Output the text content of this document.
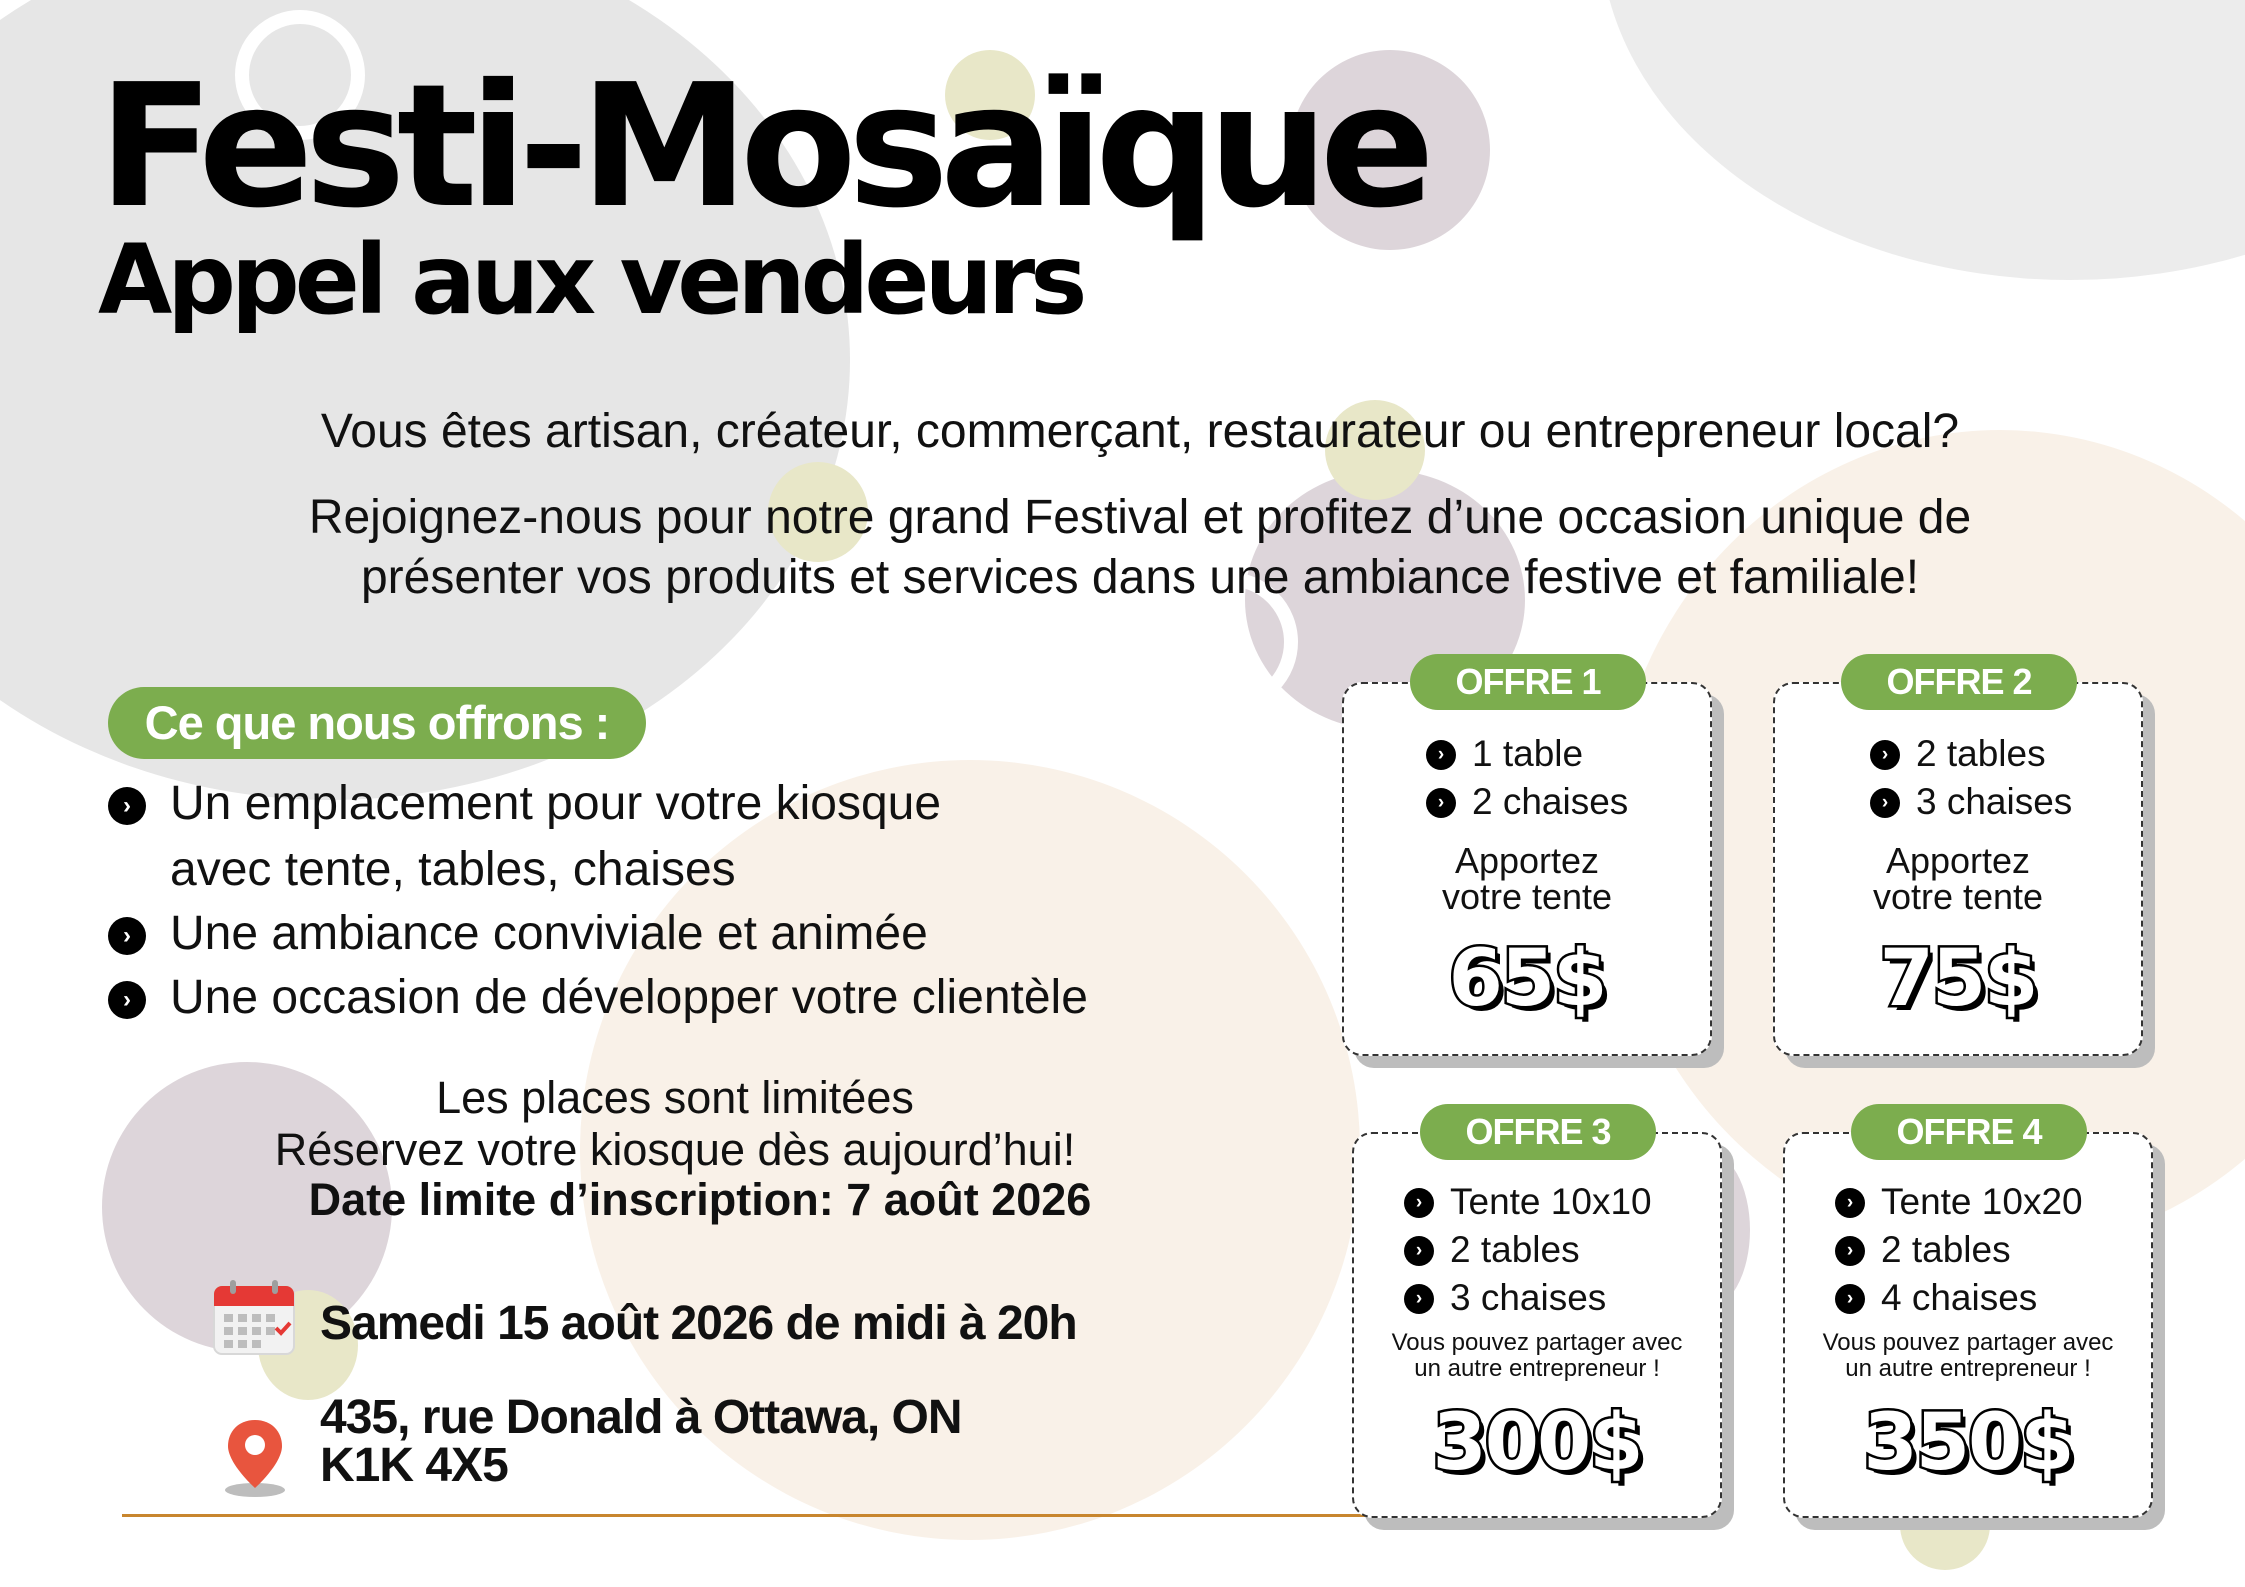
Festi-Mosaïque
Appel aux vendeurs
Vous êtes artisan, créateur, commerçant, restaurateur ou entrepreneur local?
Rejoignez-nous pour notre grand Festival et profitez d’une occasion unique de
présenter vos produits et services dans une ambiance festive et familiale!
Ce que nous offrons :
› Un emplacement pour votre kiosque
avec tente, tables, chaises
› Une ambiance conviviale et animée
› Une occasion de développer votre clientèle
Les places sont limitées
Réservez votre kiosque dès aujourd’hui!
Date limite d’inscription: 7 août 2026
Samedi 15 août 2026 de midi à 20h
435, rue Donald à Ottawa, ON
K1K 4X5
OFFRE 1
› 1 table
› 2 chaises
Apportez
votre tente
65$
OFFRE 2
› 2 tables
› 3 chaises
Apportez
votre tente
75$
OFFRE 3
› Tente 10x10
› 2 tables
› 3 chaises
Vous pouvez partager avec
un autre entrepreneur !
300$
OFFRE 4
› Tente 10x20
› 2 tables
› 4 chaises
Vous pouvez partager avec
un autre entrepreneur !
350$
